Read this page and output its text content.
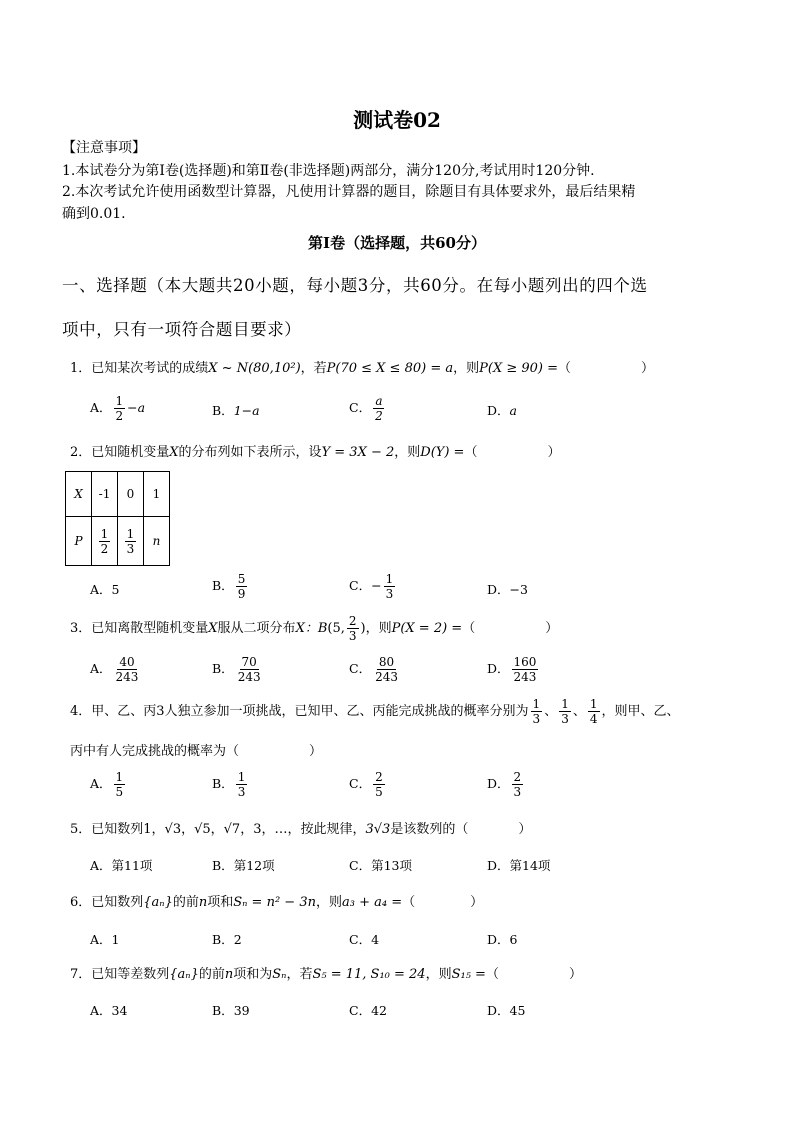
测试卷02
【注意事项】
1.本试卷分为第Ⅰ卷(选择题)和第Ⅱ卷(非选择题)两部分，满分120分,考试用时120分钟.
2.本次考试允许使用函数型计算器，凡使用计算器的题目，除题目有具体要求外，最后结果精
确到0.01.
第Ⅰ卷（选择题，共60分）
一、选择题（本大题共20小题，每小题3分，共60分。在每小题列出的四个选
项中，只有一项符合题目要求）
1．已知某次考试的成绩X ~ N(80,10²)，若P(70 ≤ X ≤ 80) = a，则P(X ≥ 90) =（	）
A． $\frac{1}{2} -a$	B．1−a	C． $\frac{a}{2}$	D．a
2．已知随机变量X的分布列如下表所示，设Y = 3X − 2，则D(Y) =（	）
X	-1	0	1
P	$\frac{1}{2}$	$\frac{1}{3}$	n
A．5	B． $\frac{5}{9}$	C．− $\frac{1}{3}$	D．−3
3．已知离散型随机变量X服从二项分布X：B(5, $\frac{2}{3}$ )，则P(X = 2) =（	）
A． $\frac{40}{243}$	B． $\frac{70}{243}$	C． $\frac{80}{243}$	D． $\frac{160}{243}$
4．甲、乙、丙3人独立参加一项挑战，已知甲、乙、丙能完成挑战的概率分别为 $\frac{1}{3}$ 、 $\frac{1}{3}$ 、 $\frac{1}{4}$ ，则甲、乙、
丙中有人完成挑战的概率为（	）
A． $\frac{1}{5}$	B． $\frac{1}{3}$	C． $\frac{2}{5}$	D． $\frac{2}{3}$
5．已知数列1，√3，√5，√7，3，…，按此规律，3√3是该数列的（	）
A．第11项	B．第12项	C．第13项	D．第14项
6．已知数列{aₙ}的前n项和Sₙ = n² − 3n，则a₃ + a₄ =（	）
A．1	B．2	C．4	D．6
7．已知等差数列{aₙ}的前n项和为Sₙ，若S₅ = 11, S₁₀ = 24，则S₁₅ =（	）
A．34	B．39	C．42	D．45
